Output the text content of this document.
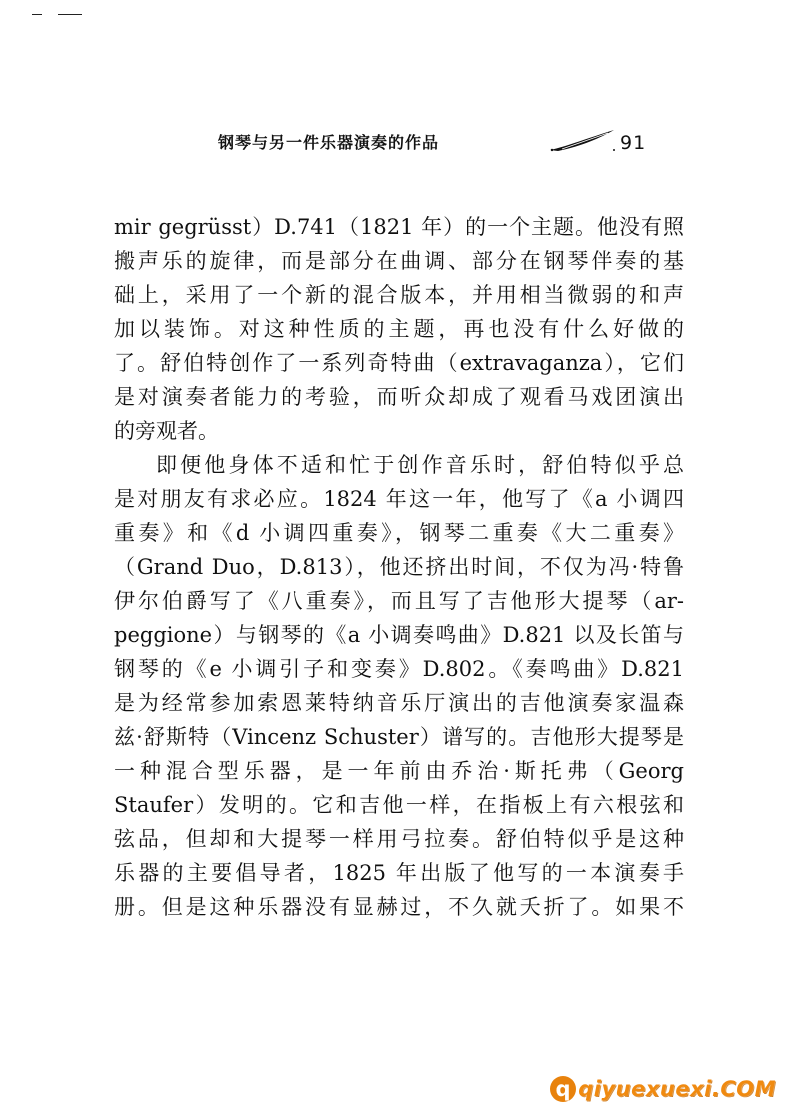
钢琴与另一件乐器演奏的作品	91
mir gegrüsst）D.741（1821 年）的一个主题。他没有照
搬声乐的旋律，而是部分在曲调、部分在钢琴伴奏的基
础上，采用了一个新的混合版本，并用相当微弱的和声
加以装饰。对这种性质的主题，再也没有什么好做的
了。舒伯特创作了一系列奇特曲（extravaganza），它们
是对演奏者能力的考验，而听众却成了观看马戏团演出
的旁观者。
即便他身体不适和忙于创作音乐时，舒伯特似乎总
是对朋友有求必应。1824 年这一年，他写了《a 小调四
重奏》和《d 小调四重奏》，钢琴二重奏《大二重奏》
（Grand Duo，D.813），他还挤出时间，不仅为冯·特鲁
伊尔伯爵写了《八重奏》，而且写了吉他形大提琴（ar-
peggione）与钢琴的《a 小调奏鸣曲》D.821 以及长笛与
钢琴的《e 小调引子和变奏》D.802。《奏鸣曲》D.821
是为经常参加索恩莱特纳音乐厅演出的吉他演奏家温森
兹·舒斯特（Vincenz Schuster）谱写的。吉他形大提琴是
一种混合型乐器，是一年前由乔治·斯托弗（Georg
Staufer）发明的。它和吉他一样，在指板上有六根弦和
弦品，但却和大提琴一样用弓拉奏。舒伯特似乎是这种
乐器的主要倡导者，1825 年出版了他写的一本演奏手
册。但是这种乐器没有显赫过，不久就夭折了。如果不
q qiyuexuexi.COM
